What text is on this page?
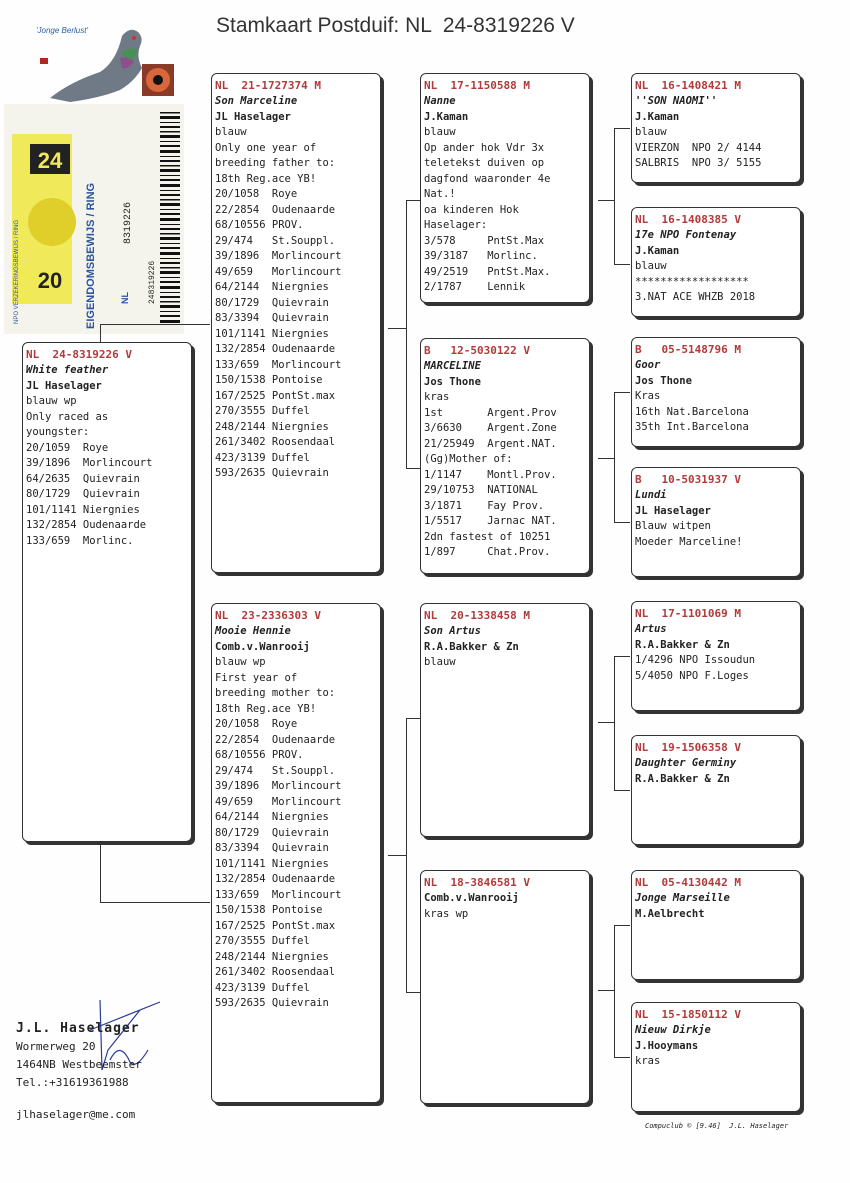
Stamkaart Postduif: NL  24-8319226 V
'Jonge Berlust'
24
20 EIGENDOMSBEWIJS / RING
NPO VERZEKERINGSBEWIJS / RING	NL
8319226
248319226
NL  24-8319226 V
White feather
JL Haselager
blauw wp
Only raced as
youngster:
20/1059  Roye
39/1896  Morlincourt
64/2635  Quievrain
80/1729  Quievrain
101/1141 Niergnies
132/2854 Oudenaarde
133/659  Morlinc.
NL  21-1727374 M
Son Marceline
JL Haselager
blauw
Only one year of
breeding father to:
18th Reg.ace YB!
20/1058  Roye
22/2854  Oudenaarde
68/10556 PROV.
29/474   St.Souppl.
39/1896  Morlincourt
49/659   Morlincourt
64/2144  Niergnies
80/1729  Quievrain
83/3394  Quievrain
101/1141 Niergnies
132/2854 Oudenaarde
133/659  Morlincourt
150/1538 Pontoise
167/2525 PontSt.max
270/3555 Duffel
248/2144 Niergnies
261/3402 Roosendaal
423/3139 Duffel
593/2635 Quievrain
NL  23-2336303 V
Mooie Hennie
Comb.v.Wanrooij
blauw wp
First year of
breeding mother to:
18th Reg.ace YB!
20/1058  Roye
22/2854  Oudenaarde
68/10556 PROV.
29/474   St.Souppl.
39/1896  Morlincourt
49/659   Morlincourt
64/2144  Niergnies
80/1729  Quievrain
83/3394  Quievrain
101/1141 Niergnies
132/2854 Oudenaarde
133/659  Morlincourt
150/1538 Pontoise
167/2525 PontSt.max
270/3555 Duffel
248/2144 Niergnies
261/3402 Roosendaal
423/3139 Duffel
593/2635 Quievrain
NL  17-1150588 M
Nanne
J.Kaman
blauw
Op ander hok Vdr 3x
teletekst duiven op
dagfond waaronder 4e
Nat.!
oa kinderen Hok
Haselager:
3/578     PntSt.Max
39/3187   Morlinc.
49/2519   PntSt.Max.
2/1787    Lennik
B   12-5030122 V
MARCELINE
Jos Thone
kras
1st       Argent.Prov
3/6630    Argent.Zone
21/25949  Argent.NAT.
(Gg)Mother of:
1/1147    Montl.Prov.
29/10753  NATIONAL
3/1871    Fay Prov.
1/5517    Jarnac NAT.
2dn fastest of 10251
1/897     Chat.Prov.
NL  20-1338458 M
Son Artus
R.A.Bakker & Zn
blauw
NL  18-3846581 V
Comb.v.Wanrooij
kras wp
NL  16-1408421 M
''SON NAOMI''
J.Kaman
blauw
VIERZON  NPO 2/ 4144
SALBRIS  NPO 3/ 5155
NL  16-1408385 V
17e NPO Fontenay
J.Kaman
blauw
******************
3.NAT ACE WHZB 2018
B   05-5148796 M
Goor
Jos Thone
Kras
16th Nat.Barcelona
35th Int.Barcelona
B   10-5031937 V
Lundi
JL Haselager
Blauw witpen
Moeder Marceline!
NL  17-1101069 M
Artus
R.A.Bakker & Zn
1/4296 NPO Issoudun
5/4050 NPO F.Loges
NL  19-1506358 V
Daughter Germiny
R.A.Bakker & Zn
NL  05-4130442 M
Jonge Marseille
M.Aelbrecht
NL  15-1850112 V
Nieuw Dirkje
J.Hooymans
kras
J.L. Haselager
Wormerweg 20
1464NB Westbeemster
Tel.:+31619361988
jlhaselager@me.com
Compuclub © [9.46]  J.L. Haselager
